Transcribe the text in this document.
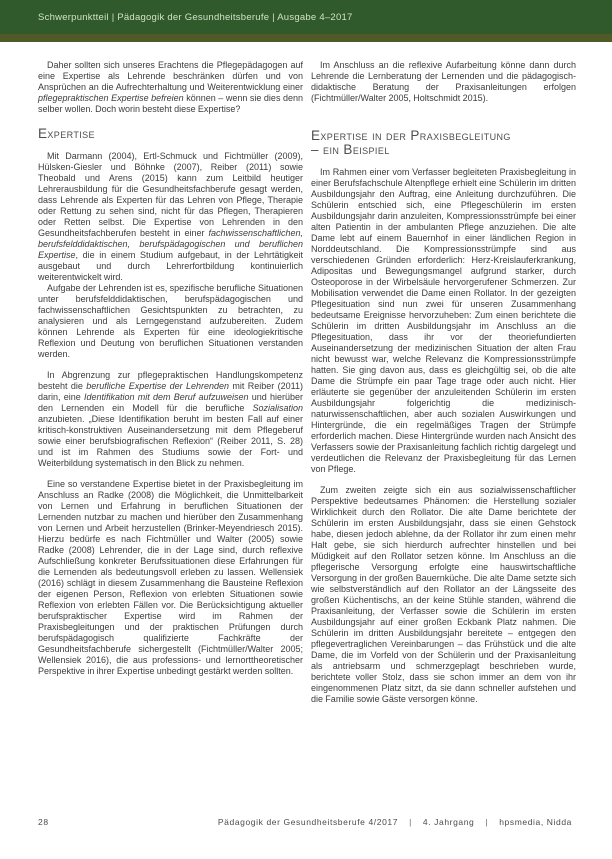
Schwerpunktteil | Pädagogik der Gesundheitsberufe | Ausgabe 4–2017

Daher sollten sich unseres Erachtens die Pflegepädagogen auf eine Expertise als Lehrende beschränken dürfen und von Ansprüchen an die Aufrechterhaltung und Weiterentwicklung einer pflegepraktischen Expertise befreien können – wenn sie dies denn selber wollen. Doch worin besteht diese Expertise?

Expertise

Mit Darmann (2004), Ertl-Schmuck und Fichtmüller (2009), Hülsken-Giesler und Böhnke (2007), Reiber (2011) sowie Theobald und Arens (2015) kann zum Leitbild heutiger Lehrerausbildung für die Gesundheitsfachberufe gesagt werden, dass Lehrende als Experten für das Lehren von Pflege, Therapie oder Rettung zu sehen sind, nicht für das Pflegen, Therapieren oder Retten selbst. Die Expertise von Lehrenden in den Gesundheitsfachberufen besteht in einer fachwissenschaftlichen, berufsfelddidaktischen, berufspädagogischen und beruflichen Expertise, die in einem Studium aufgebaut, in der Lehrtätigkeit ausgebaut und durch Lehrerfortbildung kontinuierlich weiterentwickelt wird.

Aufgabe der Lehrenden ist es, spezifische berufliche Situationen unter berufsfelddidaktischen, berufspädagogischen und fachwissenschaftlichen Gesichtspunkten zu betrachten, zu analysieren und als Lerngegenstand aufzubereiten. Zudem können Lehrende als Experten für eine ideologiekritische Reflexion und Deutung von beruflichen Situationen verstanden werden.

In Abgrenzung zur pflegepraktischen Handlungskompetenz besteht die berufliche Expertise der Lehrenden mit Reiber (2011) darin, eine Identifikation mit dem Beruf aufzuweisen und hierüber den Lernenden ein Modell für die berufliche Sozialisation anzubieten. „Diese Identifikation beruht im besten Fall auf einer kritisch-konstruktiven Auseinandersetzung mit dem Pflegeberuf sowie einer berufsbiografischen Reflexion“ (Reiber 2011, S. 28) und ist im Rahmen des Studiums sowie der Fort- und Weiterbildung systematisch in den Blick zu nehmen.

Eine so verstandene Expertise bietet in der Praxisbegleitung im Anschluss an Radke (2008) die Möglichkeit, die Unmittelbarkeit von Lernen und Erfahrung in beruflichen Situationen der Lernenden nutzbar zu machen und hierüber den Zusammenhang von Lernen und Arbeit herzustellen (Brinker-Meyendriesch 2015). Hierzu bedürfe es nach Fichtmüller und Walter (2005) sowie Radke (2008) Lehrender, die in der Lage sind, durch reflexive Aufschließung konkreter Berufssituationen diese Erfahrungen für die Lernenden als bedeutungsvoll erleben zu lassen. Wellensiek (2016) schlägt in diesem Zusammenhang die Bausteine Reflexion der eigenen Person, Reflexion von erlebten Situationen sowie Reflexion von erlebten Fällen vor. Die Berücksichtigung aktueller berufspraktischer Expertise wird im Rahmen der Praxisbegleitungen und der praktischen Prüfungen durch berufspädagogisch qualifizierte Fachkräfte der Gesundheitsfachberufe sichergestellt (Fichtmüller/Walter 2005; Wellensiek 2016), die aus professions- und lernorttheoretischer Perspektive in ihrer Expertise unbedingt gestärkt werden sollten.

Im Anschluss an die reflexive Aufarbeitung könne dann durch Lehrende die Lernberatung der Lernenden und die pädagogisch-didaktische Beratung der Praxisanleitungen erfolgen (Fichtmüller/Walter 2005, Holtschmidt 2015).

Expertise in der Praxisbegleitung
– ein Beispiel

Im Rahmen einer vom Verfasser begleiteten Praxisbegleitung in einer Berufsfachschule Altenpflege erhielt eine Schülerin im dritten Ausbildungsjahr den Auftrag, eine Anleitung durchzuführen. Die Schülerin entschied sich, eine Pflegeschülerin im ersten Ausbildungsjahr darin anzuleiten, Kompressionsstrümpfe bei einer alten Patientin in der ambulanten Pflege anzuziehen. Die alte Dame lebt auf einem Bauernhof in einer ländlichen Region in Norddeutschland. Die Kompressionsstrümpfe sind aus verschiedenen Gründen erforderlich: Herz-Kreislauferkrankung, Adipositas und Bewegungsmangel aufgrund starker, durch Osteoporose in der Wirbelsäule hervorgerufener Schmerzen. Zur Mobilisation verwendet die Dame einen Rollator. In der gezeigten Pflegesituation sind nun zwei für unseren Zusammenhang bedeutsame Ereignisse hervorzuheben: Zum einen berichtete die Schülerin im dritten Ausbildungsjahr im Anschluss an die Pflegesituation, dass ihr vor der theoriefundierten Auseinandersetzung der medizinischen Situation der alten Frau nicht bewusst war, welche Relevanz die Kompressionsstrümpfe hatten. Sie ging davon aus, dass es gleichgültig sei, ob die alte Dame die Strümpfe ein paar Tage trage oder auch nicht. Hier erläuterte sie gegenüber der anzuleitenden Schülerin im ersten Ausbildungsjahr folgerichtig die medizinisch-naturwissenschaftlichen, aber auch sozialen Auswirkungen und Hintergründe, die ein regelmäßiges Tragen der Strümpfe erforderlich machen. Diese Hintergründe wurden nach Ansicht des Verfassers sowie der Praxisanleitung fachlich richtig dargelegt und verdeutlichen die Relevanz der Praxisbegleitung für das Lernen von Pflege.

Zum zweiten zeigte sich ein aus sozialwissenschaftlicher Perspektive bedeutsames Phänomen: die Herstellung sozialer Wirklichkeit durch den Rollator. Die alte Dame berichtete der Schülerin im ersten Ausbildungsjahr, dass sie einen Gehstock habe, diesen jedoch ablehne, da der Rollator ihr zum einen mehr Halt gebe, sie sich hierdurch aufrechter hinstellen und bei Müdigkeit auf den Rollator setzen könne. Im Anschluss an die pflegerische Versorgung erfolgte eine hauswirtschaftliche Versorgung in der großen Bauernküche. Die alte Dame setzte sich wie selbstverständlich auf den Rollator an der Längsseite des großen Küchentischs, an der keine Stühle standen, während die Praxisanleitung, der Verfasser sowie die Schülerin im ersten Ausbildungsjahr auf einer großen Eckbank Platz nahmen. Die Schülerin im dritten Ausbildungsjahr bereitete – entgegen den pflegevertraglichen Vereinbarungen – das Frühstück und die alte Dame, die im Vorfeld von der Schülerin und der Praxisanleitung als antriebsarm und schmerzgeplagt beschrieben wurde, berichtete voller Stolz, dass sie schon immer an dem von ihr eingenommenen Platz sitzt, da sie dann schneller aufstehen und die Familie sowie Gäste versorgen könne.

28	Pädagogik der Gesundheitsberufe 4/2017 | 4. Jahrgang | hpsmedia, Nidda
